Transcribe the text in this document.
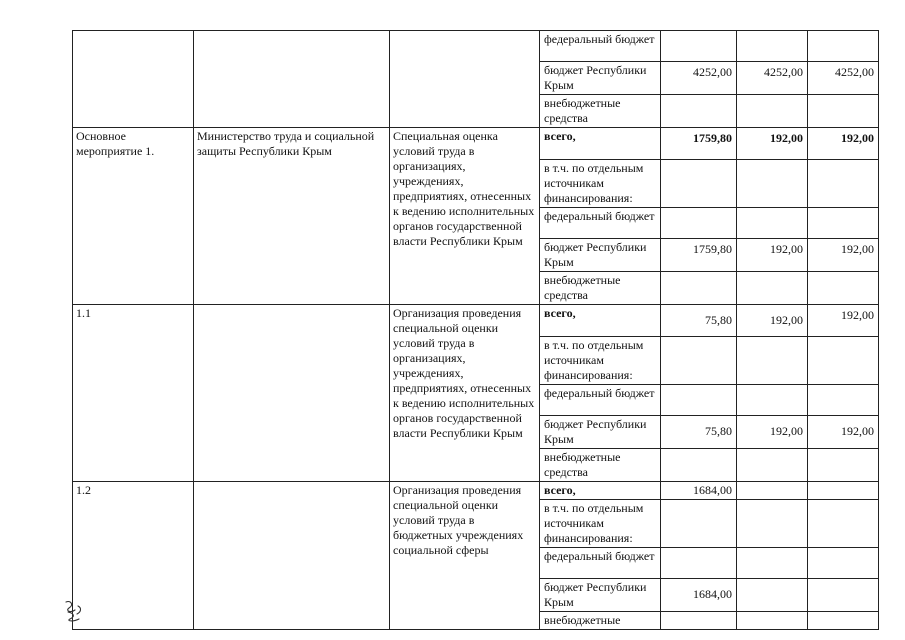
			федеральный бюджет			
			бюджет Республики Крым	4252,00	4252,00	4252,00
			внебюджетные средства			
Основное мероприятие 1.	Министерство труда и социальной защиты Республики Крым	Специальная оценка условий труда в организациях, учреждениях, предприятиях, отнесенных к ведению исполнительных органов государственной власти Республики Крым	всего,	1759,80	192,00	192,00
			в т.ч. по отдельным источникам финансирования:			
			федеральный бюджет			
			бюджет Республики Крым	1759,80	192,00	192,00
			внебюджетные средства			
1.1		Организация проведения специальной оценки условий труда в организациях, учреждениях, предприятиях, отнесенных к ведению исполнительных органов государственной власти Республики Крым	всего,	75,80	192,00	192,00
			в т.ч. по отдельным источникам финансирования:			
			федеральный бюджет			
			бюджет Республики Крым	75,80	192,00	192,00
			внебюджетные средства			
1.2		Организация проведения специальной оценки условий труда в бюджетных учреждениях социальной сферы	всего,	1684,00		
			в т.ч. по отдельным источникам финансирования:			
			федеральный бюджет			
			бюджет Республики Крым	1684,00		
			внебюджетные			
